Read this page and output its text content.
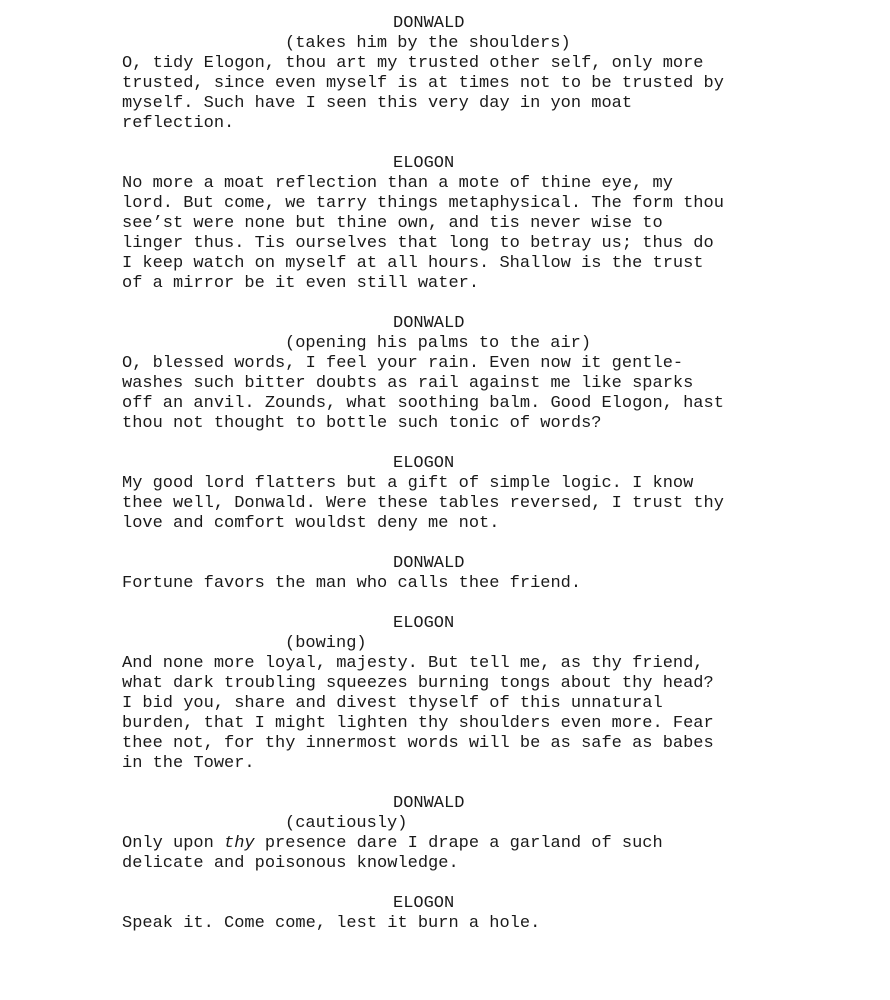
DONWALD
(takes him by the shoulders)
O, tidy Elogon, thou art my trusted other self, only more
trusted, since even myself is at times not to be trusted by
myself. Such have I seen this very day in yon moat
reflection.
ELOGON
No more a moat reflection than a mote of thine eye, my
lord. But come, we tarry things metaphysical. The form thou
see’st were none but thine own, and tis never wise to
linger thus. Tis ourselves that long to betray us; thus do
I keep watch on myself at all hours. Shallow is the trust
of a mirror be it even still water.
DONWALD
(opening his palms to the air)
O, blessed words, I feel your rain. Even now it gentle-
washes such bitter doubts as rail against me like sparks
off an anvil. Zounds, what soothing balm. Good Elogon, hast
thou not thought to bottle such tonic of words?
ELOGON
My good lord flatters but a gift of simple logic. I know
thee well, Donwald. Were these tables reversed, I trust thy
love and comfort wouldst deny me not.
DONWALD
Fortune favors the man who calls thee friend.
ELOGON
(bowing)
And none more loyal, majesty. But tell me, as thy friend,
what dark troubling squeezes burning tongs about thy head?
I bid you, share and divest thyself of this unnatural
burden, that I might lighten thy shoulders even more. Fear
thee not, for thy innermost words will be as safe as babes
in the Tower.
DONWALD
(cautiously)
Only upon thy presence dare I drape a garland of such
delicate and poisonous knowledge.
ELOGON
Speak it. Come come, lest it burn a hole.
